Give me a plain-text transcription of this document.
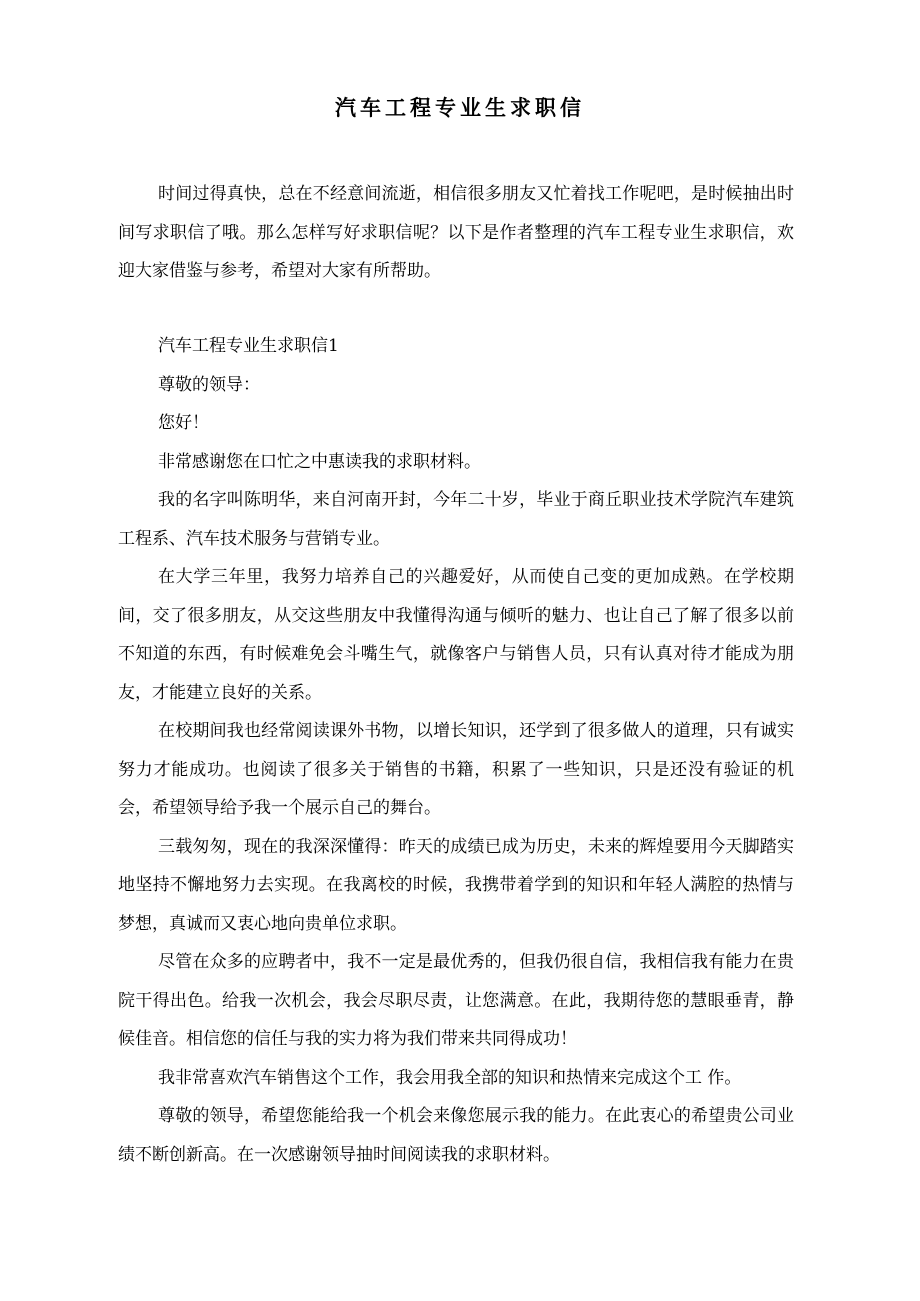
汽车工程专业生求职信

时间过得真快，总在不经意间流逝，相信很多朋友又忙着找工作呢吧，是时候抽出时间写求职信了哦。那么怎样写好求职信呢？以下是作者整理的汽车工程专业生求职信，欢迎大家借鉴与参考，希望对大家有所帮助。

汽车工程专业生求职信1

尊敬的领导：

您好！

非常感谢您在口忙之中惠读我的求职材料。

我的名字叫陈明华，来自河南开封，今年二十岁，毕业于商丘职业技术学院汽车建筑工程系、汽车技术服务与营销专业。

在大学三年里，我努力培养自己的兴趣爱好，从而使自己变的更加成熟。在学校期间，交了很多朋友，从交这些朋友中我懂得沟通与倾听的魅力、也让自己了解了很多以前不知道的东西，有时候难免会斗嘴生气，就像客户与销售人员，只有认真对待才能成为朋友，才能建立良好的关系。

在校期间我也经常阅读课外书物，以增长知识，还学到了很多做人的道理，只有诚实努力才能成功。也阅读了很多关于销售的书籍，积累了一些知识，只是还没有验证的机会，希望领导给予我一个展示自己的舞台。

三载匆匆，现在的我深深懂得：昨天的成绩已成为历史，未来的辉煌要用今天脚踏实地坚持不懈地努力去实现。在我离校的时候，我携带着学到的知识和年轻人满腔的热情与梦想，真诚而又衷心地向贵单位求职。

尽管在众多的应聘者中，我不一定是最优秀的，但我仍很自信，我相信我有能力在贵院干得出色。给我一次机会，我会尽职尽责，让您满意。在此，我期待您的慧眼垂青，静候佳音。相信您的信任与我的实力将为我们带来共同得成功！

我非常喜欢汽车销售这个工作，我会用我全部的知识和热情来完成这个工 作。

尊敬的领导，希望您能给我一个机会来像您展示我的能力。在此衷心的希望贵公司业绩不断创新高。在一次感谢领导抽时间阅读我的求职材料。
